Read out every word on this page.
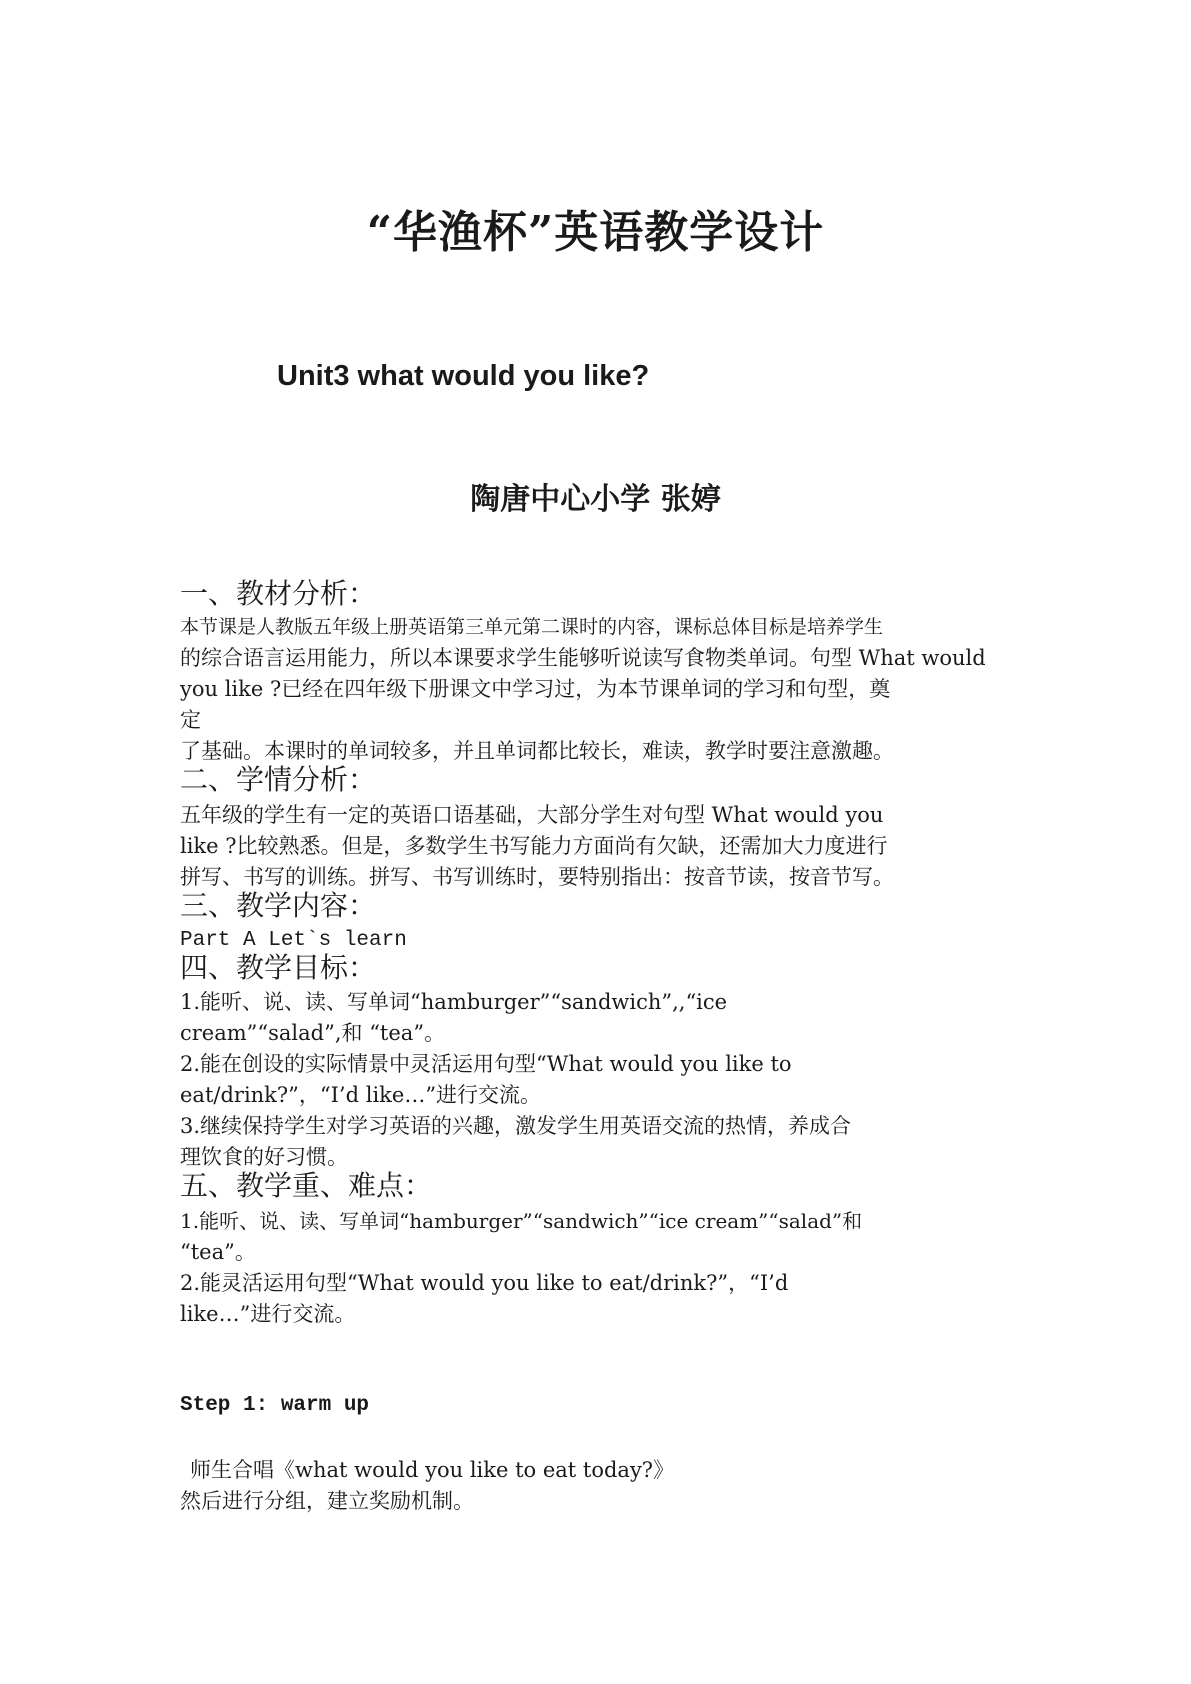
“华渔杯”英语教学设计
Unit3 what would you like?
陶唐中心小学 张婷
一、教材分析：
本节课是人教版五年级上册英语第三单元第二课时的内容，课标总体目标是培养学生
的综合语言运用能力，所以本课要求学生能够听说读写食物类单词。句型 What would
you like ?已经在四年级下册课文中学习过，为本节课单词的学习和句型，奠
定
了基础。本课时的单词较多，并且单词都比较长，难读，教学时要注意激趣。
二、学情分析：
五年级的学生有一定的英语口语基础，大部分学生对句型 What would you
like ?比较熟悉。但是，多数学生书写能力方面尚有欠缺，还需加大力度进行
拼写、书写的训练。拼写、书写训练时，要特别指出：按音节读，按音节写。
三、教学内容：
Part A Let`s learn
四、教学目标：
1.能听、说、读、写单词“hamburger”“sandwich”,,“ice
cream”“salad”,和 “tea”。
2.能在创设的实际情景中灵活运用句型“What would you like to
eat/drink?”，“I’d like…”进行交流。
3.继续保持学生对学习英语的兴趣，激发学生用英语交流的热情，养成合
理饮食的好习惯。
五、教学重、难点：
1.能听、说、读、写单词“hamburger”“sandwich”“ice cream”“salad”和
“tea”。
2.能灵活运用句型“What would you like to eat/drink?”，“I’d
like…”进行交流。
Step 1: warm up
师生合唱《what would you like to eat today?》
然后进行分组，建立奖励机制。
